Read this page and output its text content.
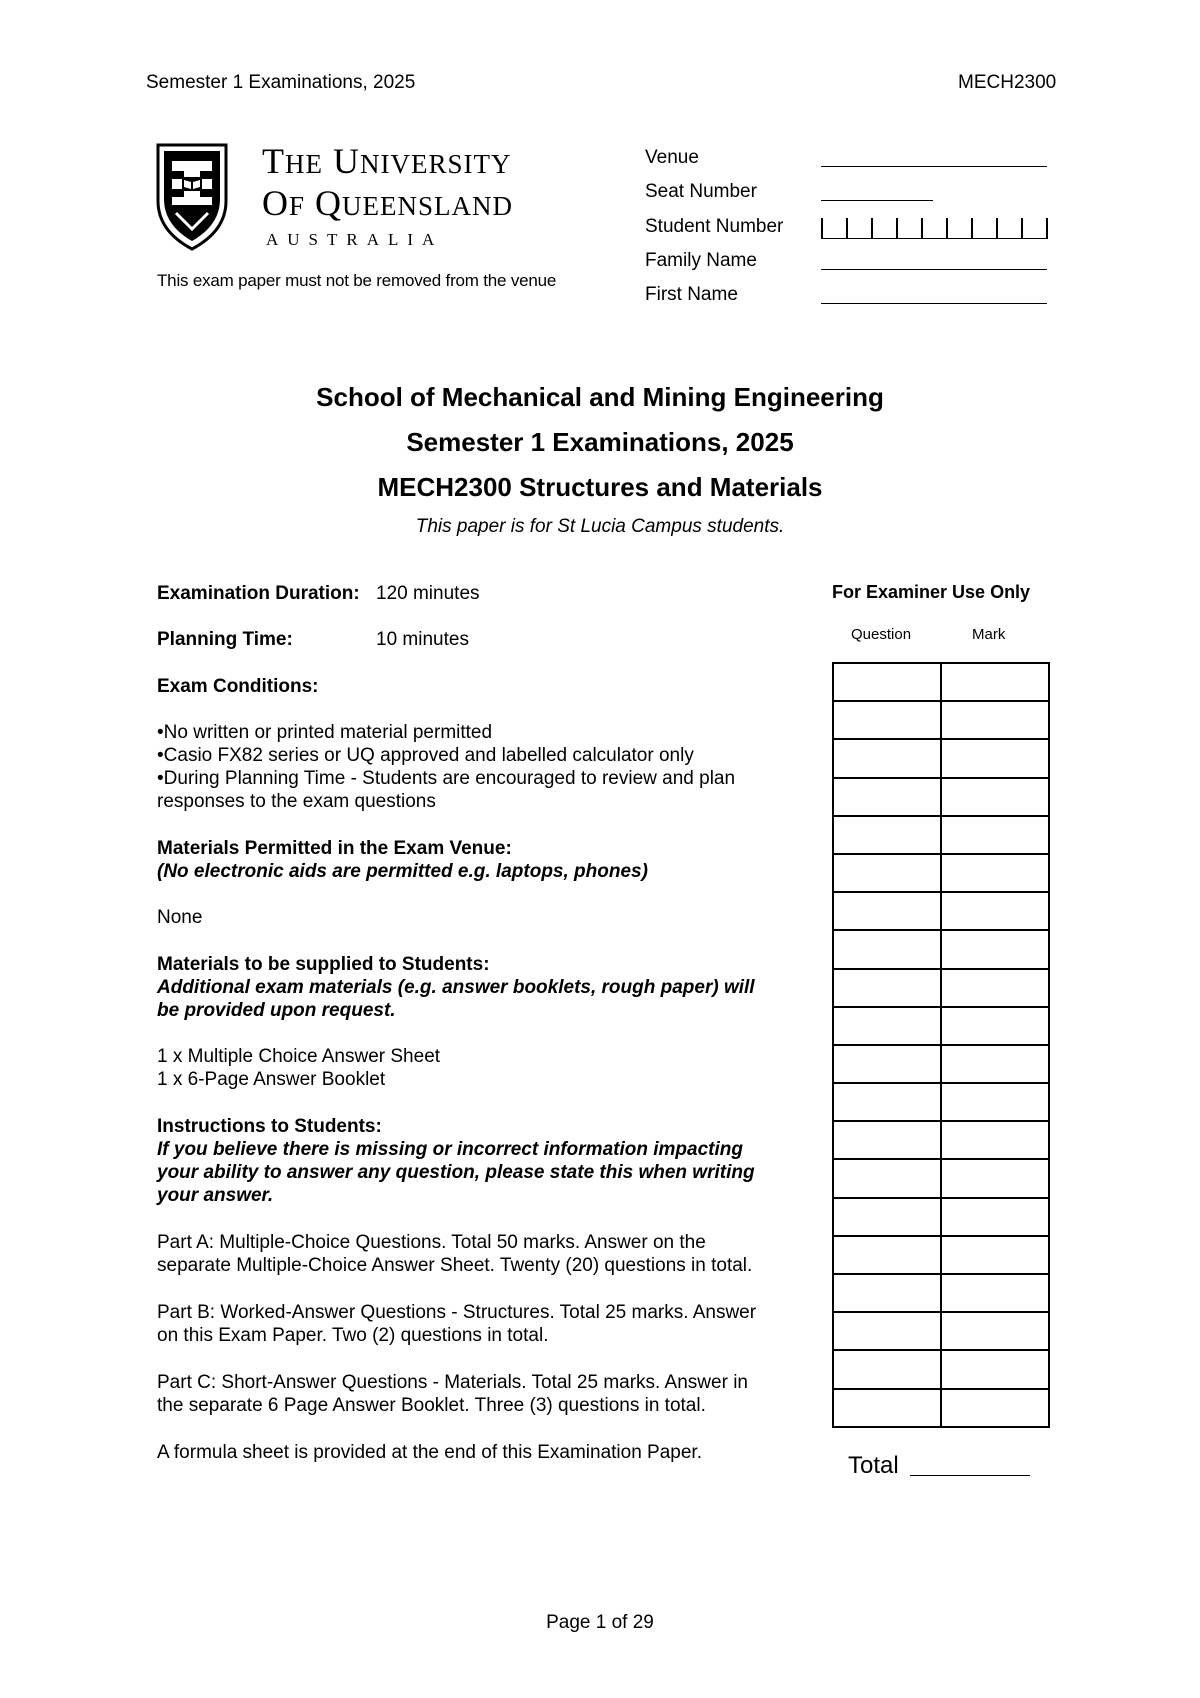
Semester 1 Examinations, 2025	MECH2300
THE UNIVERSITY
OF QUEENSLAND
AUSTRALIA
This exam paper must not be removed from the venue
Venue
Seat Number
Student Number
Family Name
First Name
School of Mechanical and Mining Engineering
Semester 1 Examinations, 2025
MECH2300 Structures and Materials
This paper is for St Lucia Campus students.
Examination Duration: 120 minutes
Planning Time:	10 minutes
Exam Conditions:
•No written or printed material permitted
•Casio FX82 series or UQ approved and labelled calculator only
•During Planning Time - Students are encouraged to review and plan
responses to the exam questions
Materials Permitted in the Exam Venue:
(No electronic aids are permitted e.g. laptops, phones)
None
Materials to be supplied to Students:
Additional exam materials (e.g. answer booklets, rough paper) will
be provided upon request.
1 x Multiple Choice Answer Sheet
1 x 6-Page Answer Booklet
Instructions to Students:
If you believe there is missing or incorrect information impacting
your ability to answer any question, please state this when writing
your answer.
Part A: Multiple-Choice Questions. Total 50 marks. Answer on the
separate Multiple-Choice Answer Sheet. Twenty (20) questions in total.
Part B: Worked-Answer Questions - Structures. Total 25 marks. Answer
on this Exam Paper. Two (2) questions in total.
Part C: Short-Answer Questions - Materials. Total 25 marks. Answer in
the separate 6 Page Answer Booklet. Three (3) questions in total.
A formula sheet is provided at the end of this Examination Paper.
For Examiner Use Only
Question	Mark

Total
Page 1 of 29
